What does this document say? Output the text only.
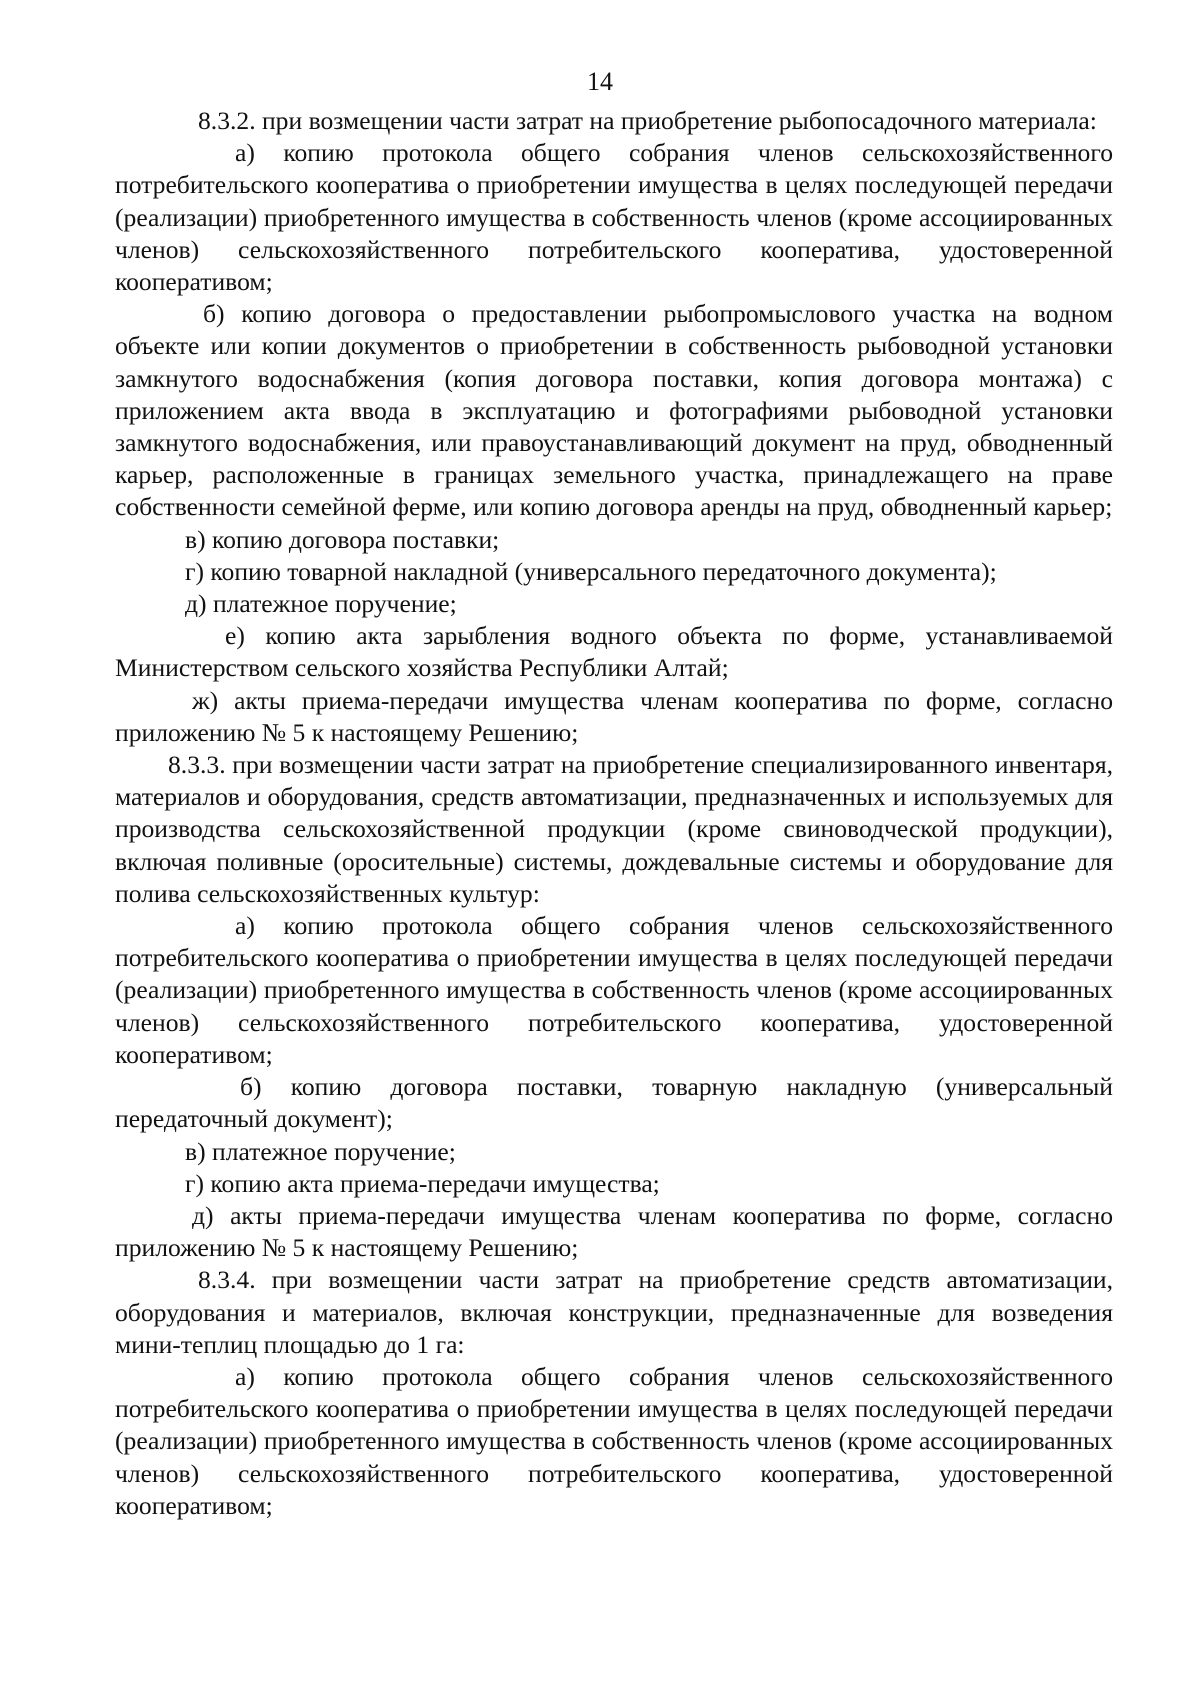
14

8.3.2. при возмещении части затрат на приобретение рыбопосадочного материала:

а) копию протокола общего собрания членов сельскохозяйственного потребительского кооператива о приобретении имущества в целях последующей передачи (реализации) приобретенного имущества в собственность членов (кроме ассоциированных членов) сельскохозяйственного потребительского кооператива, удостоверенной кооперативом;

б) копию договора о предоставлении рыбопромыслового участка на водном объекте или копии документов о приобретении в собственность рыбоводной установки замкнутого водоснабжения (копия договора поставки, копия договора монтажа) с приложением акта ввода в эксплуатацию и фотографиями рыбоводной установки замкнутого водоснабжения, или правоустанавливающий документ на пруд, обводненный карьер, расположенные в границах земельного участка, принадлежащего на праве собственности семейной ферме, или копию договора аренды на пруд, обводненный карьер;

в) копию договора поставки;

г) копию товарной накладной (универсального передаточного документа);

д) платежное поручение;

е) копию акта зарыбления водного объекта по форме, устанавливаемой Министерством сельского хозяйства Республики Алтай;

ж) акты приема-передачи имущества членам кооператива по форме, согласно приложению № 5 к настоящему Решению;

8.3.3. при возмещении части затрат на приобретение специализированного инвентаря, материалов и оборудования, средств автоматизации, предназначенных и используемых для производства сельскохозяйственной продукции (кроме свиноводческой продукции), включая поливные (оросительные) системы, дождевальные системы и оборудование для полива сельскохозяйственных культур:

а) копию протокола общего собрания членов сельскохозяйственного потребительского кооператива о приобретении имущества в целях последующей передачи (реализации) приобретенного имущества в собственность членов (кроме ассоциированных членов) сельскохозяйственного потребительского кооператива, удостоверенной кооперативом;

б) копию договора поставки, товарную накладную (универсальный передаточный документ);

в) платежное поручение;

г) копию акта приема-передачи имущества;

д) акты приема-передачи имущества членам кооператива по форме, согласно приложению № 5 к настоящему Решению;

8.3.4. при возмещении части затрат на приобретение средств автоматизации, оборудования и материалов, включая конструкции, предназначенные для возведения мини-теплиц площадью до 1 га:

а) копию протокола общего собрания членов сельскохозяйственного потребительского кооператива о приобретении имущества в целях последующей передачи (реализации) приобретенного имущества в собственность членов (кроме ассоциированных членов) сельскохозяйственного потребительского кооператива, удостоверенной кооперативом;
